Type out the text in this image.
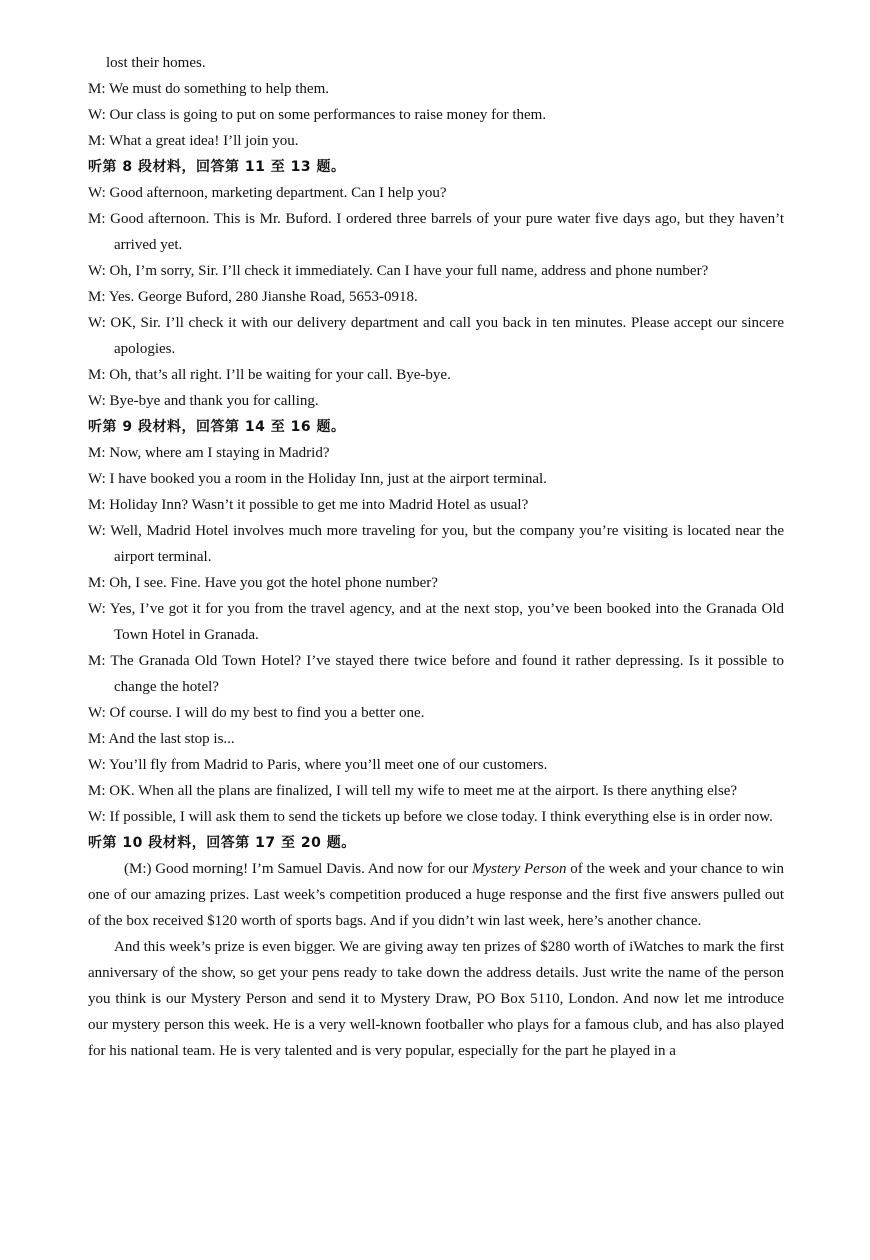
lost their homes.
M: We must do something to help them.
W: Our class is going to put on some performances to raise money for them.
M: What a great idea! I’ll join you.
听第 8 段材料，回答第 11 至 13 题。
W: Good afternoon, marketing department. Can I help you?
M: Good afternoon. This is Mr. Buford. I ordered three barrels of your pure water five days ago, but they haven’t arrived yet.
W: Oh, I’m sorry, Sir. I’ll check it immediately. Can I have your full name, address and phone number?
M: Yes. George Buford, 280 Jianshe Road, 5653-0918.
W: OK, Sir. I’ll check it with our delivery department and call you back in ten minutes. Please accept our sincere apologies.
M: Oh, that’s all right. I’ll be waiting for your call. Bye-bye.
W: Bye-bye and thank you for calling.
听第 9 段材料，回答第 14 至 16 题。
M: Now, where am I staying in Madrid?
W: I have booked you a room in the Holiday Inn, just at the airport terminal.
M: Holiday Inn? Wasn’t it possible to get me into Madrid Hotel as usual?
W: Well, Madrid Hotel involves much more traveling for you, but the company you’re visiting is located near the airport terminal.
M: Oh, I see. Fine. Have you got the hotel phone number?
W: Yes, I’ve got it for you from the travel agency, and at the next stop, you’ve been booked into the Granada Old Town Hotel in Granada.
M: The Granada Old Town Hotel? I’ve stayed there twice before and found it rather depressing. Is it possible to change the hotel?
W: Of course. I will do my best to find you a better one.
M: And the last stop is...
W: You’ll fly from Madrid to Paris, where you’ll meet one of our customers.
M: OK. When all the plans are finalized, I will tell my wife to meet me at the airport. Is there anything else?
W: If possible, I will ask them to send the tickets up before we close today. I think everything else is in order now.
听第 10 段材料，回答第 17 至 20 题。
(M:) Good morning! I’m Samuel Davis. And now for our Mystery Person of the week and your chance to win one of our amazing prizes. Last week’s competition produced a huge response and the first five answers pulled out of the box received $120 worth of sports bags. And if you didn’t win last week, here’s another chance.
And this week’s prize is even bigger. We are giving away ten prizes of $280 worth of iWatches to mark the first anniversary of the show, so get your pens ready to take down the address details. Just write the name of the person you think is our Mystery Person and send it to Mystery Draw, PO Box 5110, London. And now let me introduce our mystery person this week. He is a very well-known footballer who plays for a famous club, and has also played for his national team. He is very talented and is very popular, especially for the part he played in a
